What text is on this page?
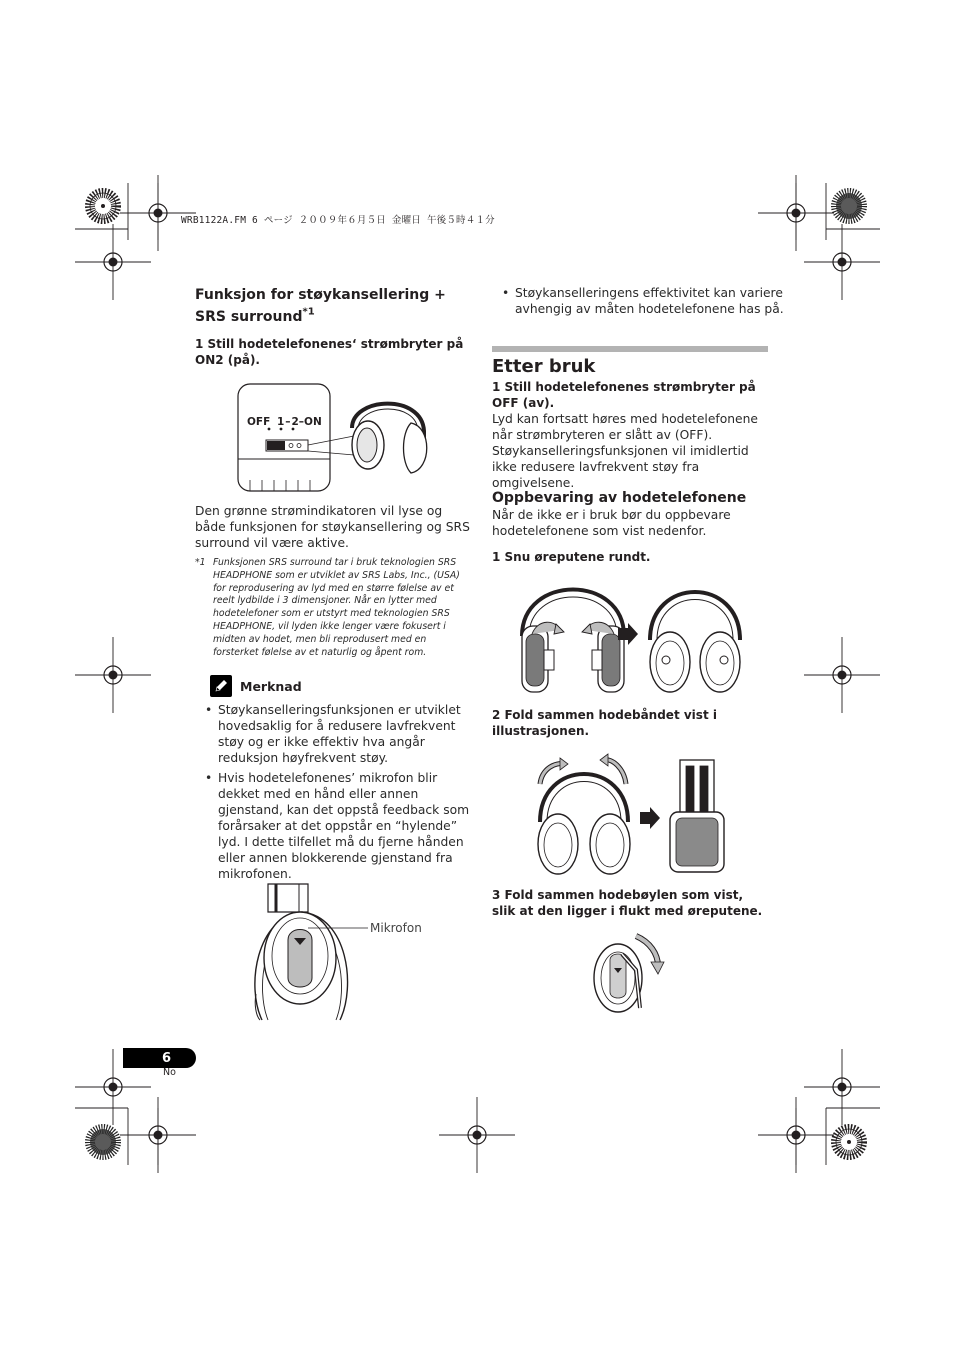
WRB1122A.FM 6 ページ ２００９年６月５日 金曜日 午後５時４１分
Funksjon for støykansellering + SRS surround$^{*1}$
1 Still hodetelefonenes‘ strømbryter på ON2 (på).
OFF 1–2–ON

Den grønne strømindikatoren vil lyse og både funksjonen for støykansellering og SRS surround vil være aktive.

*1 Funksjonen SRS surround tar i bruk teknologien SRS HEADPHONE som er utviklet av SRS Labs, Inc., (USA) for reprodusering av lyd med en større følelse av et reelt lydbilde i 3 dimensjoner. Når en lytter med hodetelefoner som er utstyrt med teknologien SRS HEADPHONE, vil lyden ikke lenger være fokusert i midten av hodet, men bli reprodusert med en forsterket følelse av et naturlig og åpent rom.
Merknad
• Støykanselleringsfunksjonen er utviklet hovedsaklig for å redusere lavfrekvent støy og er ikke effektiv hva angår reduksjon høyfrekvent støy.
• Hvis hodetelefonenes’ mikrofon blir dekket med en hånd eller annen gjenstand, kan det oppstå feedback som forårsaker at det oppstår en “hylende” lyd. I dette tilfellet må du fjerne hånden eller annen blokkerende gjenstand fra mikrofonen.
Mikrofon
• Støykanselleringens effektivitet kan variere avhengig av måten hodetelefonene has på.
Etter bruk
1 Still hodetelefonenes strømbryter på OFF (av).

Lyd kan fortsatt høres med hodetelefonene når strømbryteren er slått av (OFF). Støykanselleringsfunksjonen vil imidlertid ikke redusere lavfrekvent støy fra omgivelsene.

Oppbevaring av hodetelefonene

Når de ikke er i bruk bør du oppbevare hodetelefonene som vist nedenfor.

1 Snu øreputene rundt.
2 Fold sammen hodebåndet vist i illustrasjonen.
3 Fold sammen hodebøylen som vist, slik at den ligger i flukt med øreputene.
6
No
